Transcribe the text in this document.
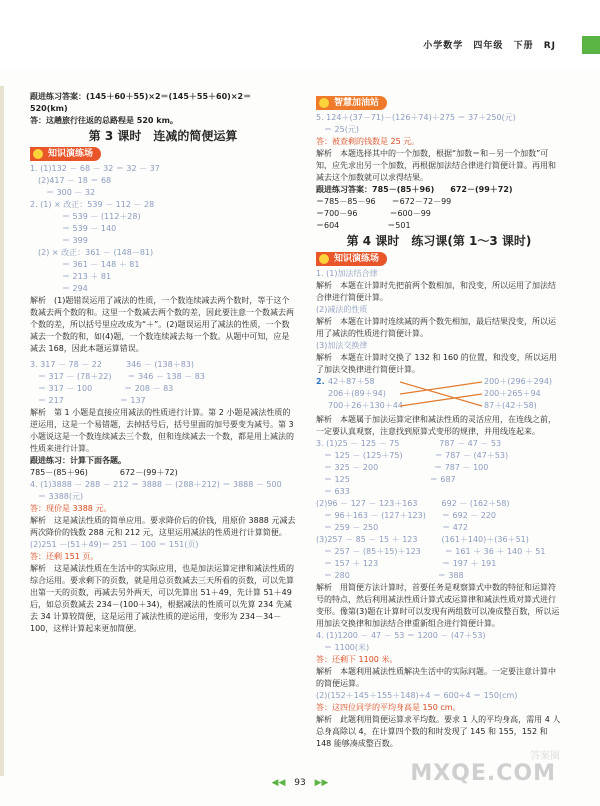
小学数学 四年级 下册 RJ
跟进练习答案：(145＋60＋55)×2＝(145＋55＋60)×2＝
520(km)
答：这趟旅行往返的总路程是 520 km。
第 3 课时　连减的简便运算
知识演练场
1. (1)132 － 68 － 32 ＝ 32 － 37
　(2)417 － 18 ＝ 68
　　＝ 300 － 32
2. (1) × 改正：539 － 112 － 28
　　　　＝ 539 － (112＋28)
　　　　＝ 539 － 140
　　　　＝ 399
　(2) × 改正：361 － (148－81)
　　　　＝ 361 － 148 ＋ 81
　　　　＝ 213 ＋ 81
　　　　＝ 294
解析　(1)题错误运用了减法的性质，一个数连续减去两个数时，等于这个数减去两个数的和。这里一个数减去两个数的差，因此要注意一个数减去两个数的差，所以括号里应改成为“＋”。(2)题误运用了减法的性质，一个数减去一个数的和，如(4)题，一个数连续减去每一个数。从题中可知，应是减去 168，因此本题运算错误。
3. 317 － 78 － 22　　　346 － (138＋83)
　＝ 317 － (78＋22)　　＝ 346 － 138 － 83
　＝ 317 － 100　　　　＝ 208 － 83
　＝ 217　　　　　　　＝ 137
解析　第 1 小题是直接应用减法的性质进行计算。第 2 小题是减法性质的逆运用，这是一个易错题，去掉括号后，括号里面的加号要变为减号。第 3 小题说这是一个数连续减去三个数，但和连续减去一个数，都是用上减法的性质来进行计算。
跟进练习：计算下面各题。
785－(85＋96)　　　　672－(99＋72)
4. (1)3888 － 288 － 212 ＝ 3888 － (288＋212) ＝ 3888 － 500
　＝ 3388(元)
答：现价是 3388 元。
解析　这是减法性质的简单应用。要求降价后的价钱，用原价 3888 元减去两次降价的钱数 288 元和 212 元，这里运用减法的性质进行计算简便。
(2)251 －(51＋49)＝ 251 － 100 ＝ 151(页)
答：还剩 151 页。
解析　这是减法性质在生活中的实际应用，也是加法运算定律和减法性质的综合运用。要求剩下的页数，就是用总页数减去三天所看的页数，可以先算出第一天的页数，再减去另外两天，可以先算出 51＋49，先计算 51＋49 后，如总页数减去 234－(100＋34)，根据减法的性质可以先算 234 先减去 34 计算较简便，这是运用了减法性质的逆运用，变形为 234－34－100，这样计算起来更加简便。
智慧加油站
5. 124＋(37－71)－(126＋74)＋275 ＝ 37＋250(元)
　＝ 25(元)
答：被查剩的钱数是 25 元。
解析　本题选择其中的一个加数，根据“加数＝和－另一个加数”可知，应先求出另一个加数，再根据加法结合律进行简便计算。再用和减去这个加数就可以求得结果。
跟进练习答案：785－(85＋96)　　672－(99＋72)
＝785－85－96　　＝672－72－99
＝700－96　　　　＝600－99
＝604　　　　　　＝501
第 4 课时　练习课(第 1～3 课时)
知识演练场
1. (1)加法结合律
解析　本题在计算时先把前两个数相加，和没变，所以运用了加法结合律进行简便计算。
(2)减法的性质
解析　本题在计算时连续减的两个数先相加，最后结果没变，所以运用了减法的性质进行简便计算。
(3)加法交换律
解析　本题在计算时交换了 132 和 160 的位置，和没变，所以运用了加法交换律进行简便计算。
2. 42＋87＋58
206＋(89＋94)
700＋26＋130＋44
200＋(296＋294)
200＋265＋94
87＋(42＋58)
解析　本题属于加法运算定律和减法性质的灵活应用，在连线之前，一定要认真观察，注意找到原算式变形的规律，并用线连起来。
3. (1)25 － 125 － 75　　　　　787 － 47 － 53
　＝ 125 － (125＋75)　　　　＝ 787 － (47＋53)
　＝ 325 － 200　　　　　　　＝ 787 － 100
　＝ 125　　　　　　　　　　＝ 687
　＝ 633
(2)96 － 127 － 123＋163　　　692 － (162＋58)
　＝ 96＋163 － (127＋123)　　＝ 692 － 220
　＝ 259 － 250　　　　　　　　＝ 472
(3)257 － 85 － 15 ＋ 123　　　(161＋140)＋(36＋51)
　＝ 257 － (85＋15)＋123　　　＝ 161 ＋ 36 ＋ 140 ＋ 51
　＝ 157 ＋ 123　　　　　　　　＝ 197 ＋ 191
　＝ 280　　　　　　　　　　　＝ 388
解析　用简便方法计算时，首要任务是观察算式中数的特征和运算符号的特点，然后利用减法性质计算式或运算律和减法性质对算式进行变形。像第(3)题在计算时可以发现有两组数可以凑成整百数，所以运用加法交换律和加法结合律重新组合进行简便计算。
4. (1)1200 － 47 － 53 ＝ 1200 － (47＋53)
　＝ 1100(米)
答：还剩下 1100 米。
解析　本题利用减法性质解决生活中的实际问题。一定要注意计算中的简便运算。
(2)(152＋145＋155＋148)÷4 ＝ 600÷4 ＝ 150(cm)
答：这四位同学的平均身高是 150 cm。
解析　此题利用简便运算求平均数。要求 1 人的平均身高，需用 4 人总身高除以 4，在计算四个数的和时发现了 145 和 155，152 和 148 能够凑成整百数。
◀◀ 93 ▶▶
答案圈
MXQE.COM
